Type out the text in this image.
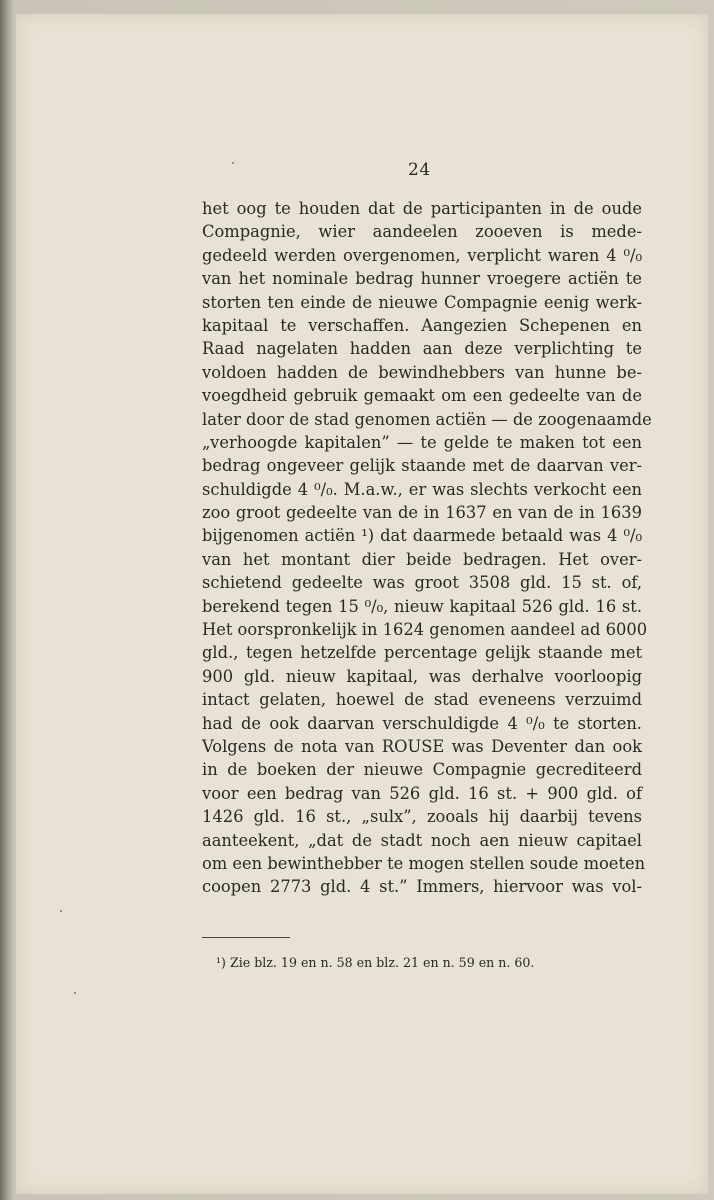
24
het oog te houden dat de participanten in de oude
Compagnie, wier aandeelen zooeven is mede-
gedeeld werden overgenomen, verplicht waren 4 ⁰/₀
van het nominale bedrag hunner vroegere actiën te
storten ten einde de nieuwe Compagnie eenig werk-
kapitaal te verschaffen. Aangezien Schepenen en
Raad nagelaten hadden aan deze verplichting te
voldoen hadden de bewindhebbers van hunne be-
voegdheid gebruik gemaakt om een gedeelte van de
later door de stad genomen actiën — de zoogenaamde
„verhoogde kapitalen” — te gelde te maken tot een
bedrag ongeveer gelijk staande met de daarvan ver-
schuldigde 4 ⁰/₀. M.a.w., er was slechts verkocht een
zoo groot gedeelte van de in 1637 en van de in 1639
bijgenomen actiën ¹) dat daarmede betaald was 4 ⁰/₀
van het montant dier beide bedragen. Het over-
schietend gedeelte was groot 3508 gld. 15 st. of,
berekend tegen 15 ⁰/₀, nieuw kapitaal 526 gld. 16 st.
Het oorspronkelijk in 1624 genomen aandeel ad 6000
gld., tegen hetzelfde percentage gelijk staande met
900 gld. nieuw kapitaal, was derhalve voorloopig
intact gelaten, hoewel de stad eveneens verzuimd
had de ook daarvan verschuldigde 4 ⁰/₀ te storten.
Volgens de nota van ROUSE was Deventer dan ook
in de boeken der nieuwe Compagnie gecrediteerd
voor een bedrag van 526 gld. 16 st. + 900 gld. of
1426 gld. 16 st., „sulx”, zooals hij daarbij tevens
aanteekent, „dat de stadt noch aen nieuw capitael
om een bewinthebber te mogen stellen soude moeten
coopen 2773 gld. 4 st.” Immers, hiervoor was vol-
¹) Zie blz. 19 en n. 58 en blz. 21 en n. 59 en n. 60.
